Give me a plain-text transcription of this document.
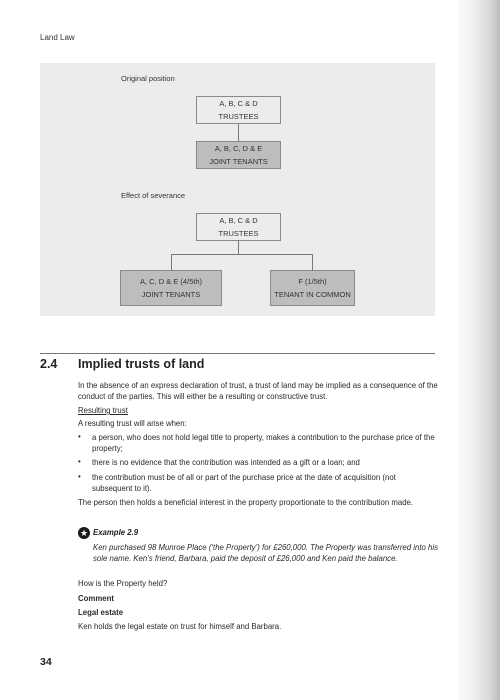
Land Law
Original position
A, B, C & D
TRUSTEES
A, B, C, D & E
JOINT TENANTS
Effect of severance
A, B, C & D
TRUSTEES
A, C, D & E (4/5th)
JOINT TENANTS
F (1/5th)
TENANT IN COMMON
2.4 Implied trusts of land
In the absence of an express declaration of trust, a trust of land may be implied as a consequence of the conduct of the parties. This will either be a resulting or constructive trust.
Resulting trust
A resulting trust will arise when:
• a person, who does not hold legal title to property, makes a contribution to the purchase price of the property;
• there is no evidence that the contribution was intended as a gift or a loan; and
• the contribution must be of all or part of the purchase price at the date of acquisition (not subsequent to it).
The person then holds a beneficial interest in the property proportionate to the contribution made.
★ Example 2.9
Ken purchased 98 Munroe Place (‘the Property’) for £260,000. The Property was transferred into his sole name. Ken’s friend, Barbara, paid the deposit of £26,000 and Ken paid the balance.
How is the Property held?
Comment
Legal estate
Ken holds the legal estate on trust for himself and Barbara.
34
